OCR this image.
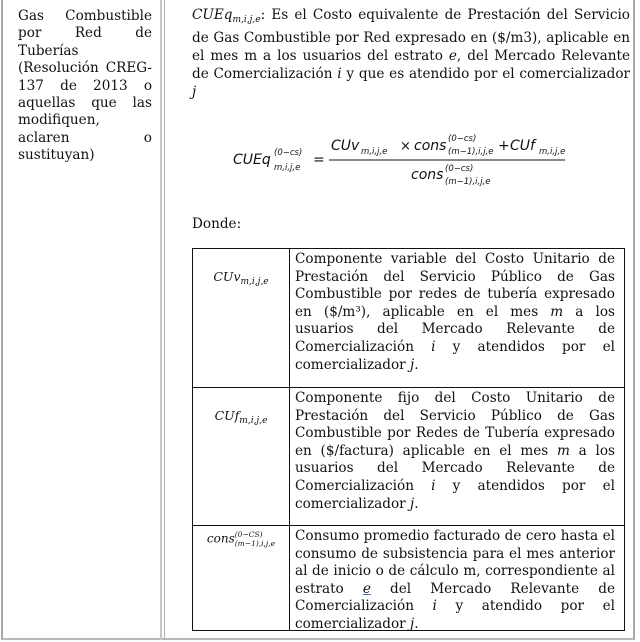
Gas Combustible por Red de Tuberías (Resolución CREG-137 de 2013 o aquellas que las modifiquen, aclaren o sustituyan)
CUEq$_{m,i,j,e}$: Es el Costo equivalente de Prestación del Servicio de Gas Combustible por Red expresado en ($/m3), aplicable en el mes m a los usuarios del estrato e, del Mercado Relevante de Comercialización i y que es atendido por el comercializador j
CUEq (0−cs)
m,i,j,e =
CUv m,i,j,e × cons (0−cs)
(m−1),i,j,e + CUf m,i,j,e
cons (0−cs)
(m−1),i,j,e
Donde:
CUv$_{m,i,j,e}$
Componente variable del Costo Unitario de Prestación del Servicio Público de Gas Combustible por redes de tubería expresado en ($/m³), aplicable en el mes m a los usuarios del Mercado Relevante de Comercialización i y atendidos por el comercializador j.
CUf$_{m,i,j,e}$
Componente fijo del Costo Unitario de Prestación del Servicio Público de Gas Combustible por Redes de Tubería expresado en ($/factura) aplicable en el mes m a los usuarios del Mercado Relevante de Comercialización i y atendidos por el comercializador j.
cons (0−CS)
(m−1),i,j,e Consumo promedio facturado de cero hasta el consumo de subsistencia para el mes anterior al de inicio o de cálculo m, correspondiente al estrato e del Mercado Relevante de Comercialización i y atendido por el comercializador j.
